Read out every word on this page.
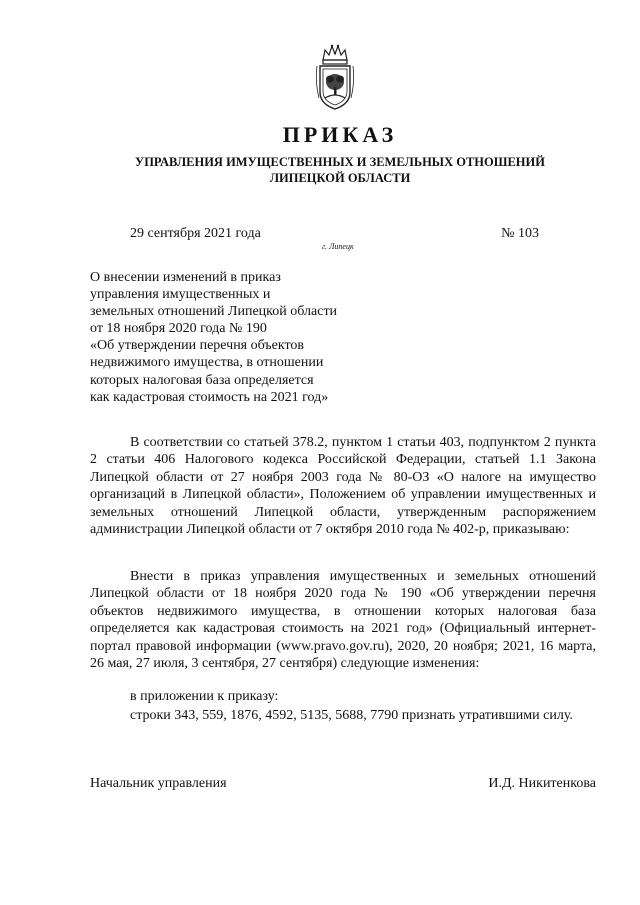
ПРИКАЗ
УПРАВЛЕНИЯ ИМУЩЕСТВЕННЫХ И ЗЕМЕЛЬНЫХ ОТНОШЕНИЙ
ЛИПЕЦКОЙ ОБЛАСТИ
29 сентября 2021 года	№ 103
г. Липецк
О внесении изменений в приказ
управления имущественных и
земельных отношений Липецкой области
от 18 ноября 2020 года № 190
«Об утверждении перечня объектов
недвижимого имущества, в отношении
которых налоговая база определяется
как кадастровая стоимость на 2021 год»

В соответствии со статьей 378.2, пунктом 1 статьи 403, подпунктом 2 пункта 2 статьи 406 Налогового кодекса Российской Федерации, статьей 1.1 Закона Липецкой области от 27 ноября 2003 года № 80-ОЗ «О налоге на имущество организаций в Липецкой области», Положением об управлении имущественных и земельных отношений Липецкой области, утвержденным распоряжением администрации Липецкой области от 7 октября 2010 года № 402-р, приказываю:

Внести в приказ управления имущественных и земельных отношений Липецкой области от 18 ноября 2020 года № 190 «Об утверждении перечня объектов недвижимого имущества, в отношении которых налоговая база определяется как кадастровая стоимость на 2021 год» (Официальный интернет-портал правовой информации (www.pravo.gov.ru), 2020, 20 ноября; 2021, 16 марта, 26 мая, 27 июля, 3 сентября, 27 сентября) следующие изменения:

в приложении к приказу:

строки 343, 559, 1876, 4592, 5135, 5688, 7790 признать утратившими силу.

Начальник управления	И.Д. Никитенкова
